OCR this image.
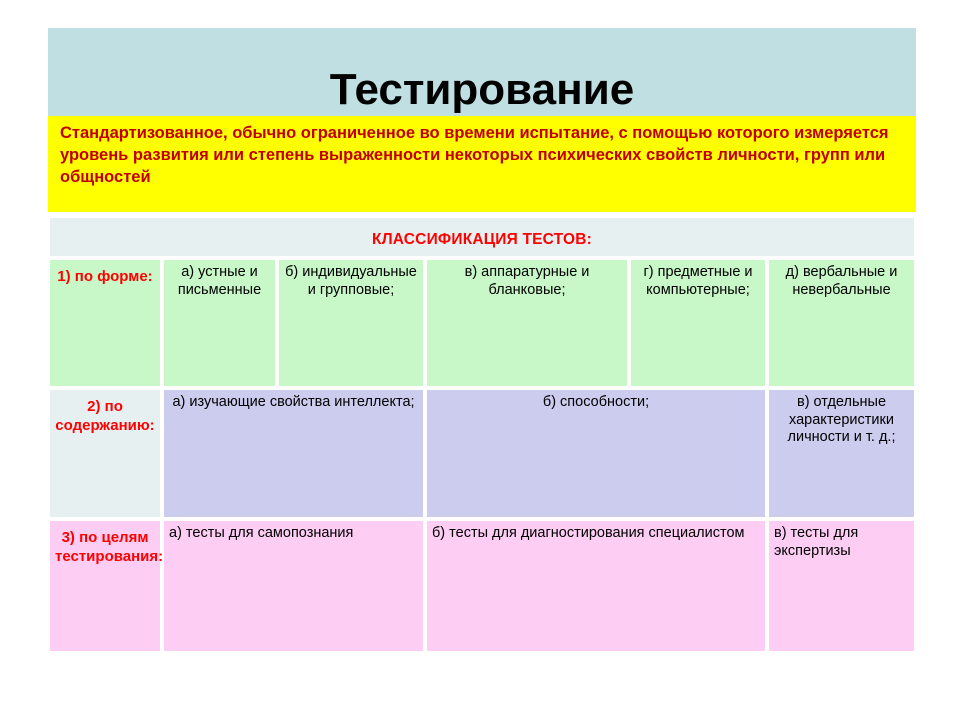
Тестирование
Стандартизованное, обычно ограниченное во времени испытание, с помощью которого измеряется уровень развития или степень выраженности некоторых психических свойств личности, групп или общностей
КЛАССИФИКАЦИЯ ТЕСТОВ:					
1) по форме:	а) устные и письменные	б) индивидуальные и групповые;	в) аппаратурные и бланковые;	г) предметные и компьютерные;	д) вербальные и невербальные
2) по содержанию:	а) изучающие свойства интеллекта;		б) способности;		в) отдельные характеристики личности и т. д.;
3) по целям тестирования:	а) тесты для самопознания		б) тесты для диагностирования специалистом		в) тесты для экспертизы
